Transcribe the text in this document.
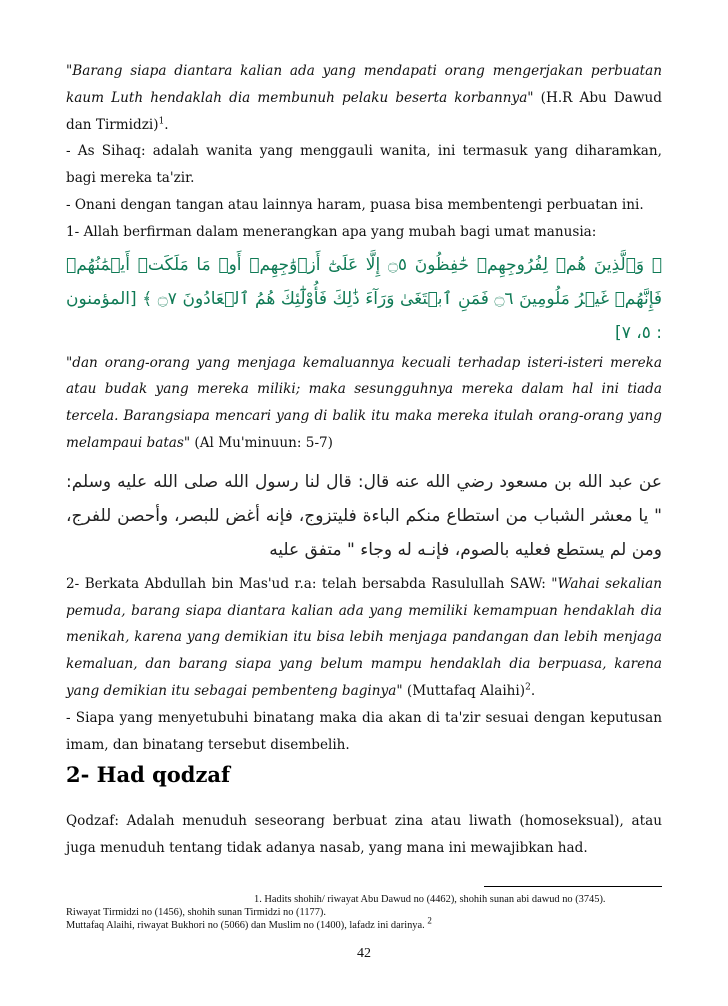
"Barang siapa diantara kalian ada yang mendapati orang mengerjakan perbuatan kaum Luth hendaklah dia membunuh pelaku beserta korbannya" (H.R Abu Dawud dan Tirmidzi)$^1$.

- As Sihaq: adalah wanita yang menggauli wanita, ini termasuk yang diharamkan, bagi mereka ta'zir.

- Onani dengan tangan atau lainnya haram, puasa bisa membentengi perbuatan ini.

1- Allah berfirman dalam menerangkan apa yang mubah bagi umat manusia:

﴿ وَٱلَّذِينَ هُمۡ لِفُرُوجِهِمۡ حَٰفِظُونَ ۝٥ إِلَّا عَلَىٰٓ أَزۡوَٰجِهِمۡ أَوۡ مَا مَلَكَتۡ أَيۡمَٰنُهُمۡ فَإِنَّهُمۡ غَيۡرُ مَلُومِينَ ۝٦ فَمَنِ ٱبۡتَغَىٰ وَرَآءَ ذَٰلِكَ فَأُوْلَٰٓئِكَ هُمُ ٱلۡعَادُونَ ۝٧ ﴾ [المؤمنون : ٥، ٧]

"dan orang-orang yang menjaga kemaluannya kecuali terhadap isteri-isteri mereka atau budak yang mereka miliki; maka sesungguhnya mereka dalam hal ini tiada tercela. Barangsiapa mencari yang di balik itu maka mereka itulah orang-orang yang melampaui batas" (Al Mu'minuun: 5-7)

عن عبد الله بن مسعود رضي الله عنه قال: قال لنا رسول الله صلى الله عليه وسلم: " يا معشر الشباب من استطاع منكم الباءة فليتزوج، فإنه أغض للبصر، وأحصن للفرج، ومن لم يستطع فعليه بالصوم، فإنـه له وجاء " متفق عليه

2- Berkata Abdullah bin Mas'ud r.a: telah bersabda Rasulullah SAW: "Wahai sekalian pemuda, barang siapa diantara kalian ada yang memiliki kemampuan hendaklah dia menikah, karena yang demikian itu bisa lebih menjaga pandangan dan lebih menjaga kemaluan, dan barang siapa yang belum mampu hendaklah dia berpuasa, karena yang demikian itu sebagai pembenteng baginya" (Muttafaq Alaihi)$^2$.

- Siapa yang menyetubuhi binatang maka dia akan di ta'zir sesuai dengan keputusan imam, dan binatang tersebut disembelih.

2- Had qodzaf

Qodzaf: Adalah menuduh seseorang berbuat zina atau liwath (homoseksual), atau juga menuduh tentang tidak adanya nasab, yang mana ini mewajibkan had.

1. Hadits shohih/ riwayat Abu Dawud no (4462), shohih sunan abi dawud no (3745).
Riwayat Tirmidzi no (1456), shohih sunan Tirmidzi no (1177).
Muttafaq Alaihi, riwayat Bukhori no (5066) dan Muslim no (1400), lafadz ini darinya. $^2$
42
